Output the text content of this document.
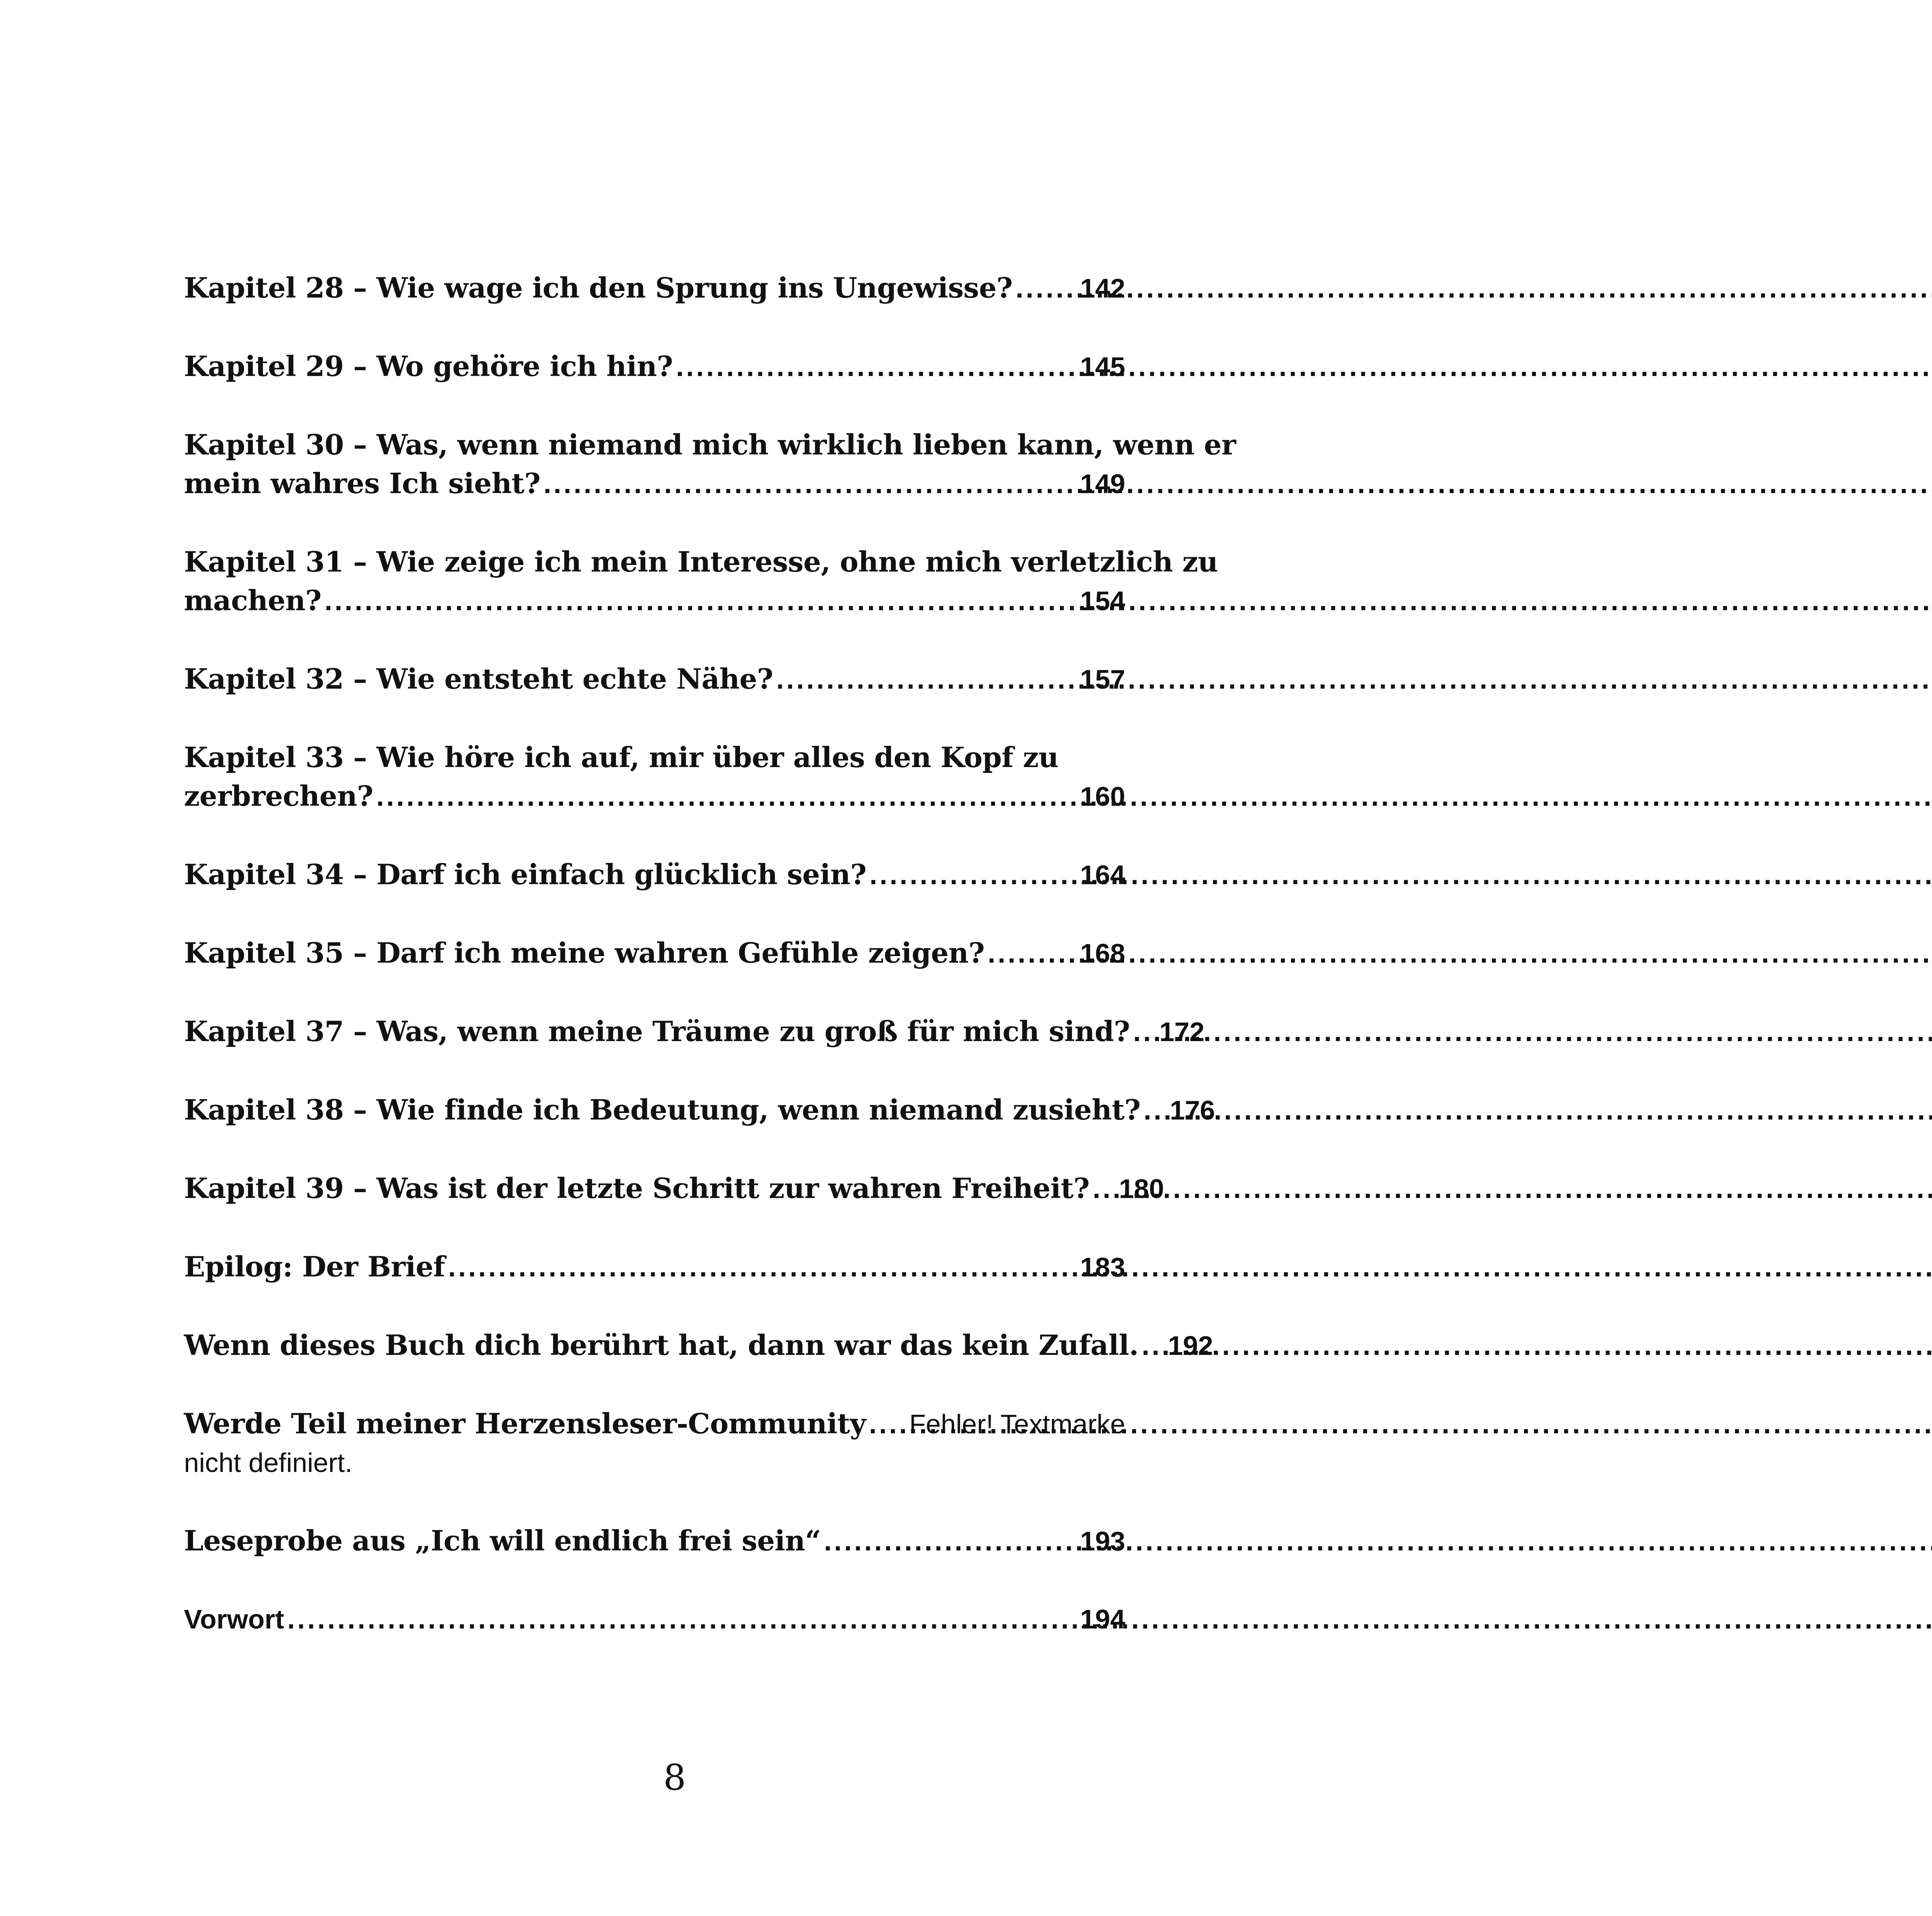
Kapitel 28 – Wie wage ich den Sprung ins Ungewisse? ..... 142
Kapitel 29 – Wo gehöre ich hin? .....	145
Kapitel 30 – Was, wenn niemand mich wirklich lieben kann, wenn er
mein wahres Ich sieht? .....	149
Kapitel 31 – Wie zeige ich mein Interesse, ohne mich verletzlich zu
machen? .....	154
Kapitel 32 – Wie entsteht echte Nähe? .....	157
Kapitel 33 – Wie höre ich auf, mir über alles den Kopf zu
zerbrechen? .....	160
Kapitel 34 – Darf ich einfach glücklich sein? .....	164
Kapitel 35 – Darf ich meine wahren Gefühle zeigen? .....	168
Kapitel 37 – Was, wenn meine Träume zu groß für mich sind? ..... 172
Kapitel 38 – Wie finde ich Bedeutung, wenn niemand zusieht? ..... 176
Kapitel 39 – Was ist der letzte Schritt zur wahren Freiheit? ..... 180
Epilog: Der Brief .....	183
Wenn dieses Buch dich berührt hat, dann war das kein Zufall. ..... 192
Werde Teil meiner Herzensleser-Community ..... Fehler! Textmarke
nicht definiert.
Leseprobe aus „Ich will endlich frei sein“ .....	193
Vorwort .....	194
8
